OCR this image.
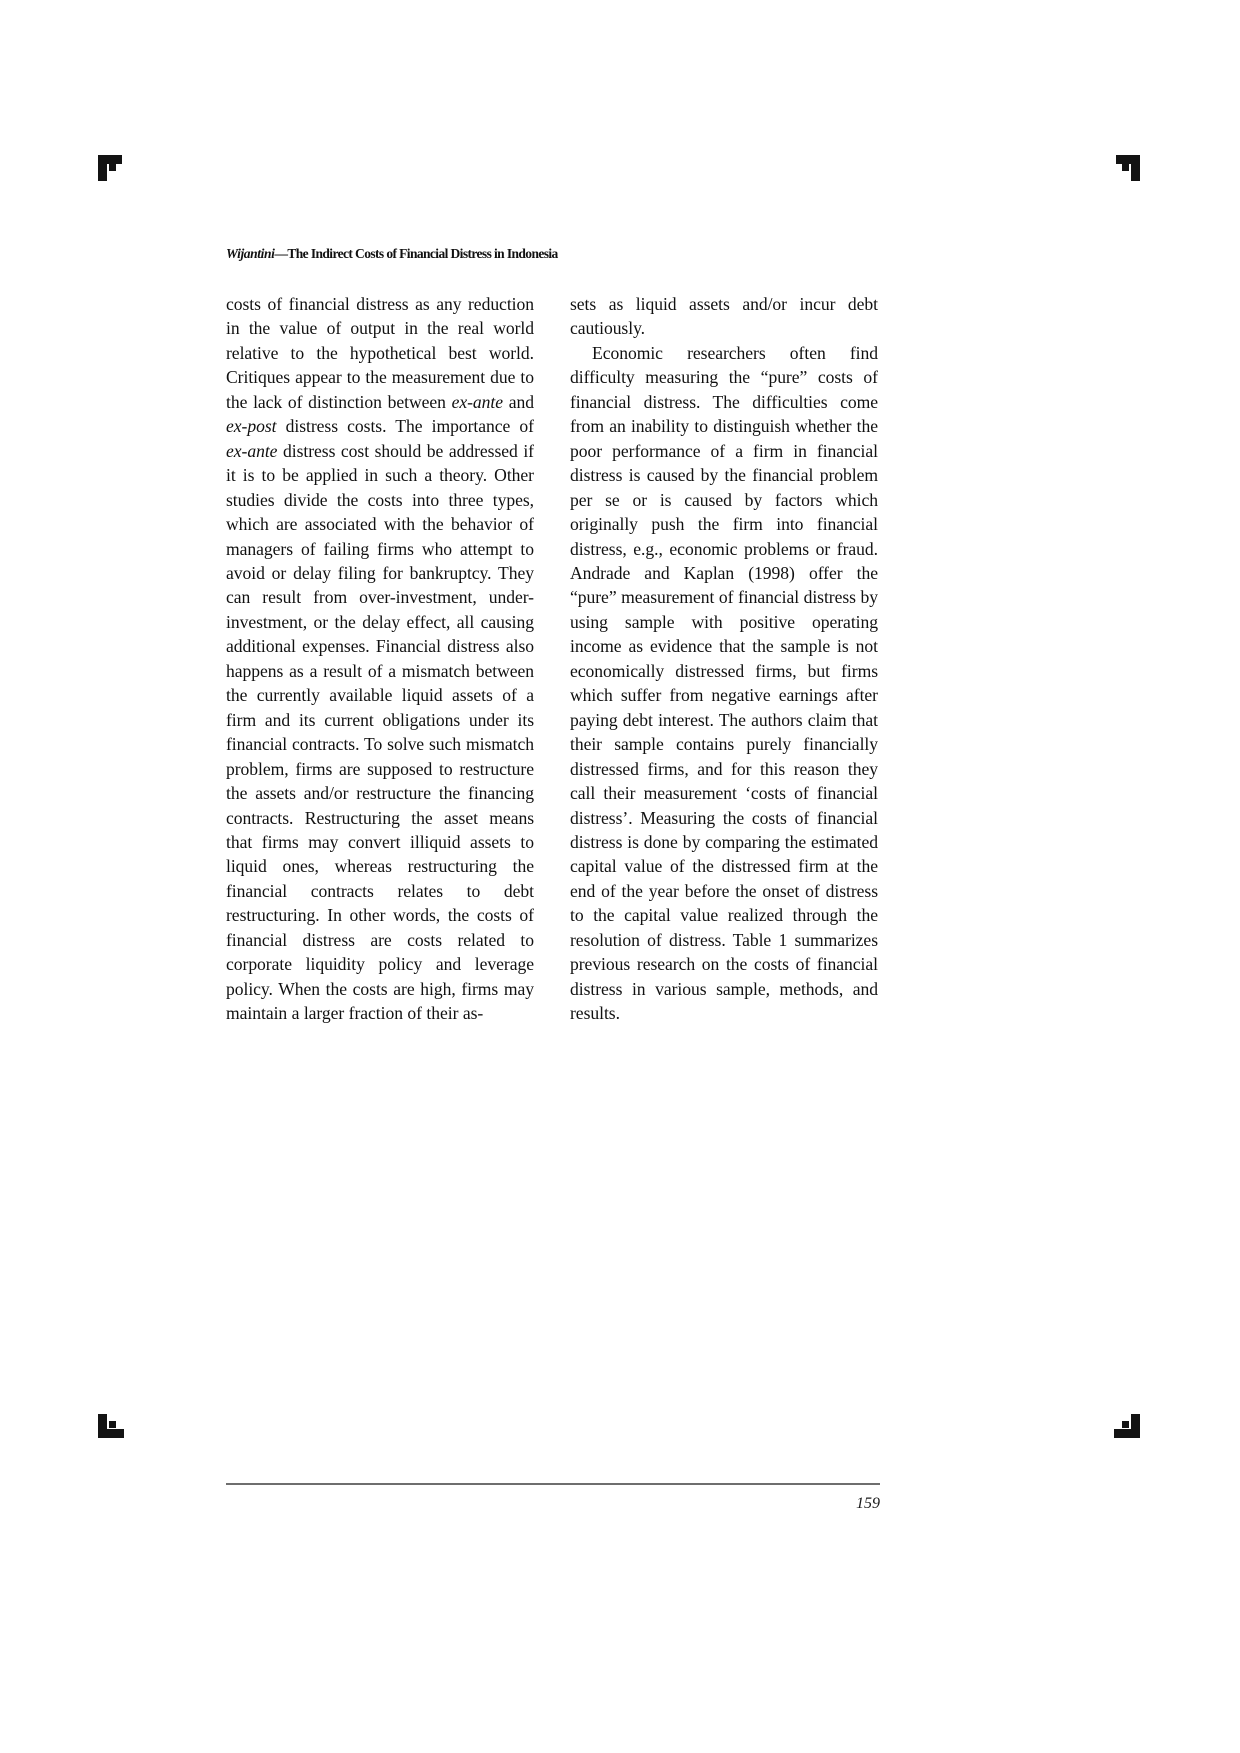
Wijantini—The Indirect Costs of Financial Distress in Indonesia

costs of financial distress as any reduction in the value of output in the real world relative to the hypothetical best world. Critiques appear to the measurement due to the lack of distinction between ex-ante and ex-post distress costs. The importance of ex-ante distress cost should be addressed if it is to be applied in such a theory. Other studies divide the costs into three types, which are associated with the behavior of managers of failing firms who attempt to avoid or delay filing for bankruptcy. They can result from over-investment, under-investment, or the delay effect, all causing additional expenses. Financial distress also happens as a result of a mismatch between the currently available liquid assets of a firm and its current obligations under its financial contracts. To solve such mismatch problem, firms are supposed to restructure the assets and/or restructure the financing contracts. Restructuring the asset means that firms may convert illiquid assets to liquid ones, whereas restructuring the financial contracts relates to debt restructuring. In other words, the costs of financial distress are costs related to corporate liquidity policy and leverage policy. When the costs are high, firms may maintain a larger fraction of their as-

sets as liquid assets and/or incur debt cautiously.

Economic researchers often find difficulty measuring the “pure” costs of financial distress. The difficulties come from an inability to distinguish whether the poor performance of a firm in financial distress is caused by the financial problem per se or is caused by factors which originally push the firm into financial distress, e.g., economic problems or fraud. Andrade and Kaplan (1998) offer the “pure” measurement of financial distress by using sample with positive operating income as evidence that the sample is not economically distressed firms, but firms which suffer from negative earnings after paying debt interest. The authors claim that their sample contains purely financially distressed firms, and for this reason they call their measurement ‘costs of financial distress’. Measuring the costs of financial distress is done by comparing the estimated capital value of the distressed firm at the end of the year before the onset of distress to the capital value realized through the resolution of distress. Table 1 summarizes previous research on the costs of financial distress in various sample, methods, and results.

159
